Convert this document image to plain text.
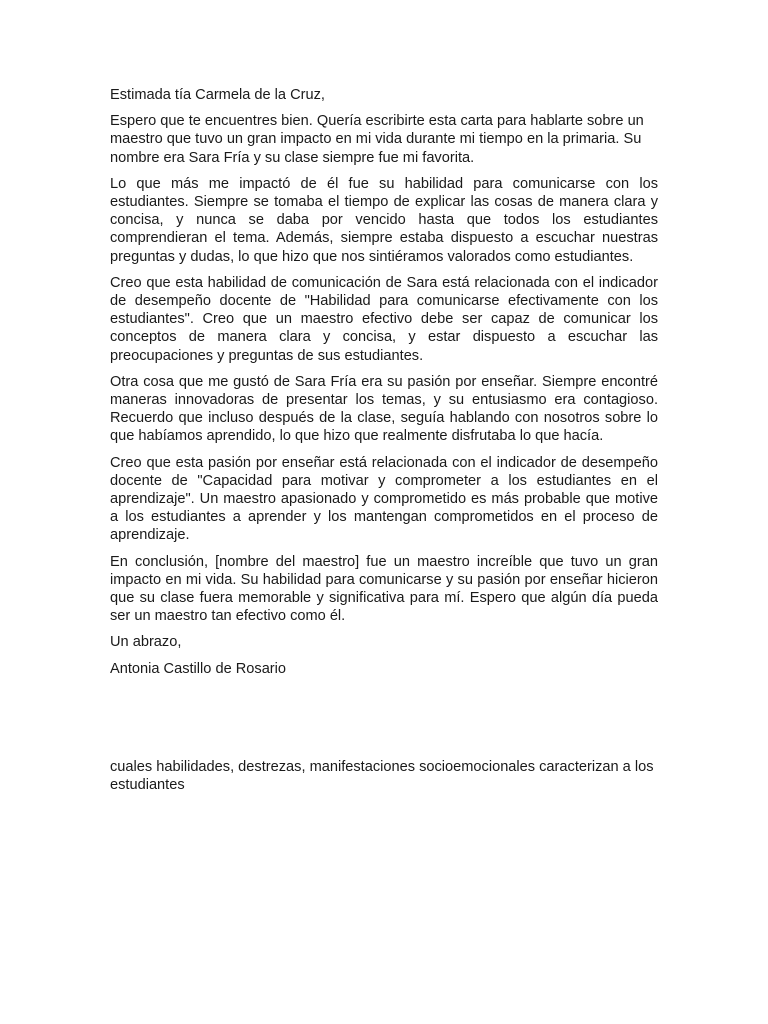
Estimada tía Carmela de la Cruz,

Espero que te encuentres bien. Quería escribirte esta carta para hablarte sobre un maestro que tuvo un gran impacto en mi vida durante mi tiempo en la primaria. Su nombre era Sara Fría y su clase siempre fue mi favorita.

Lo que más me impactó de él fue su habilidad para comunicarse con los estudiantes. Siempre se tomaba el tiempo de explicar las cosas de manera clara y concisa, y nunca se daba por vencido hasta que todos los estudiantes comprendieran el tema. Además, siempre estaba dispuesto a escuchar nuestras preguntas y dudas, lo que hizo que nos sintiéramos valorados como estudiantes.

Creo que esta habilidad de comunicación de Sara está relacionada con el indicador de desempeño docente de "Habilidad para comunicarse efectivamente con los estudiantes". Creo que un maestro efectivo debe ser capaz de comunicar los conceptos de manera clara y concisa, y estar dispuesto a escuchar las preocupaciones y preguntas de sus estudiantes.

Otra cosa que me gustó de Sara Fría era su pasión por enseñar. Siempre encontré maneras innovadoras de presentar los temas, y su entusiasmo era contagioso. Recuerdo que incluso después de la clase, seguía hablando con nosotros sobre lo que habíamos aprendido, lo que hizo que realmente disfrutaba lo que hacía.

Creo que esta pasión por enseñar está relacionada con el indicador de desempeño docente de "Capacidad para motivar y comprometer a los estudiantes en el aprendizaje". Un maestro apasionado y comprometido es más probable que motive a los estudiantes a aprender y los mantengan comprometidos en el proceso de aprendizaje.

En conclusión, [nombre del maestro] fue un maestro increíble que tuvo un gran impacto en mi vida. Su habilidad para comunicarse y su pasión por enseñar hicieron que su clase fuera memorable y significativa para mí. Espero que algún día pueda ser un maestro tan efectivo como él.

Un abrazo,

Antonia Castillo de Rosario

cuales habilidades, destrezas, manifestaciones socioemocionales caracterizan a los estudiantes
